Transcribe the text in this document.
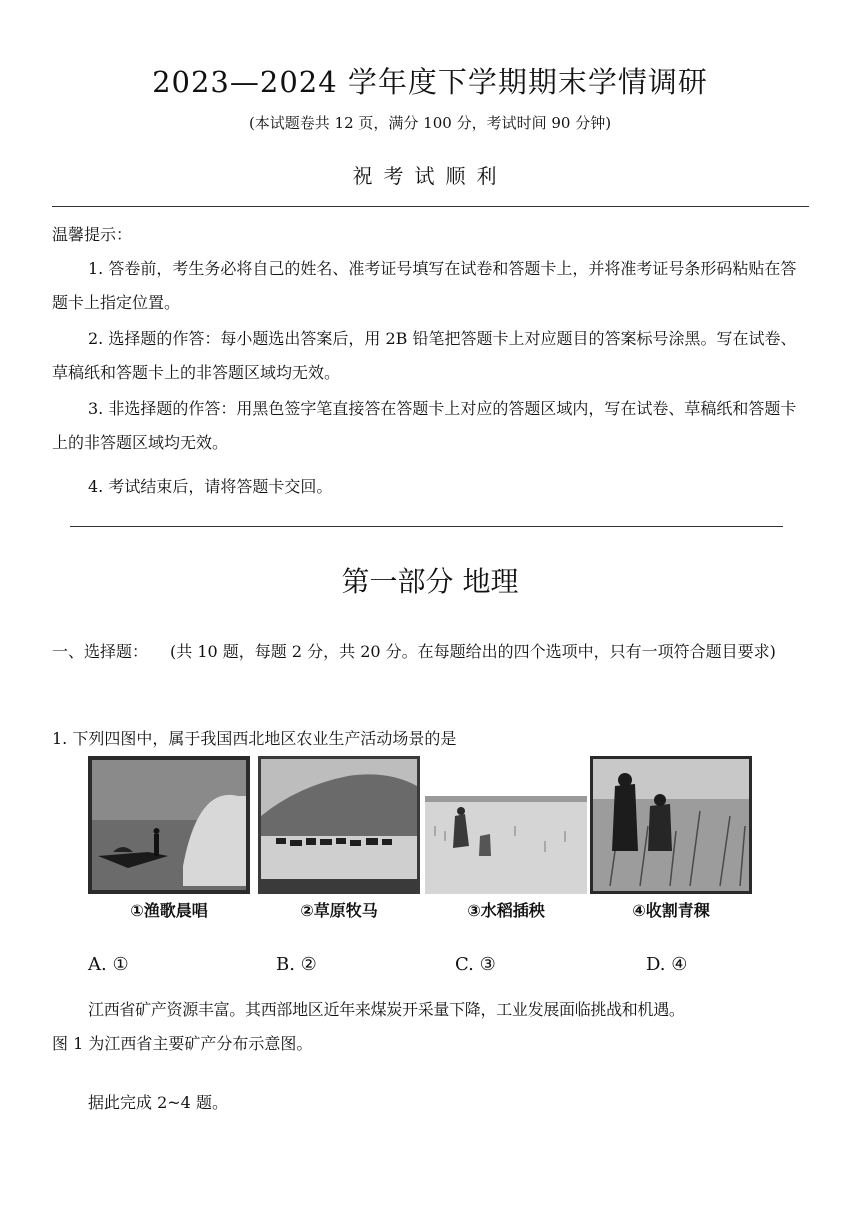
2023—2024 学年度下学期期末学情调研
(本试题卷共 12 页，满分 100 分，考试时间 90 分钟)
祝考试顺利
温馨提示：
1. 答卷前，考生务必将自己的姓名、准考证号填写在试卷和答题卡上，并将准考证号条形码粘贴在答题卡上指定位置。
2. 选择题的作答：每小题选出答案后，用 2B 铅笔把答题卡上对应题目的答案标号涂黑。写在试卷、草稿纸和答题卡上的非答题区域均无效。
3. 非选择题的作答：用黑色签字笔直接答在答题卡上对应的答题区域内，写在试卷、草稿纸和答题卡上的非答题区域均无效。
4. 考试结束后，请将答题卡交回。
第一部分 地理
一、选择题： (共 10 题，每题 2 分，共 20 分。在每题给出的四个选项中，只有一项符合题目要求)
1. 下列四图中，属于我国西北地区农业生产活动场景的是
①渔歌晨唱	②草原牧马	③水稻插秧	④收割青稞
A. ①	B. ②	C. ③	D. ④
江西省矿产资源丰富。其西部地区近年来煤炭开采量下降，工业发展面临挑战和机遇。
图 1 为江西省主要矿产分布示意图。
据此完成 2~4 题。
